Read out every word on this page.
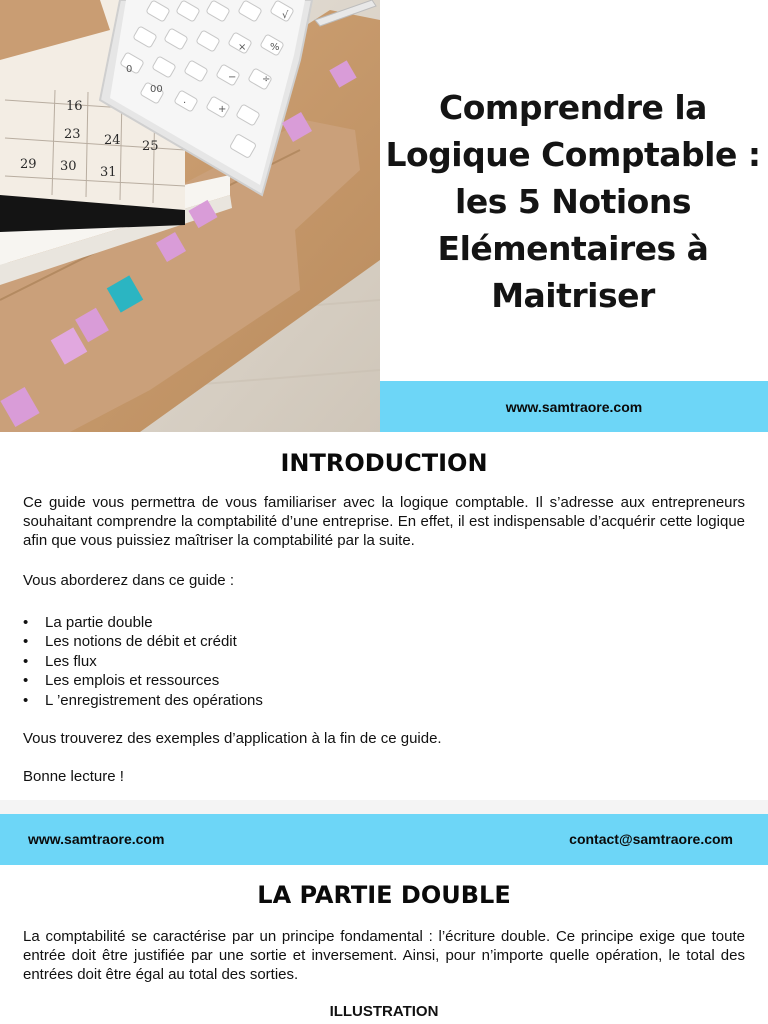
16
23 24 25
29 30 31
0
00
·
+
−	÷
× %
√
Comprendre la
Logique Comptable :
les 5 Notions
Elémentaires à
Maitriser
www.samtraore.com
INTRODUCTION

Ce guide vous permettra de vous familiariser avec la logique comptable. Il s’adresse aux entrepreneurs souhaitant comprendre la comptabilité d’une entreprise. En effet, il est indispensable d’acquérir cette logique afin que vous puissiez maîtriser la comptabilité par la suite.

Vous aborderez dans ce guide :

• La partie double
• Les notions de débit et crédit
• Les flux
• Les emplois et ressources
• L ’enregistrement des opérations

Vous trouverez des exemples d’application à la fin de ce guide.

Bonne lecture !

www.samtraore.com	contact@samtraore.com
LA PARTIE DOUBLE

La comptabilité se caractérise par un principe fondamental : l’écriture double. Ce principe exige que toute entrée doit être justifiée par une sortie et inversement. Ainsi, pour n’importe quelle opération, le total des entrées doit être égal au total des sorties.

ILLUSTRATION
